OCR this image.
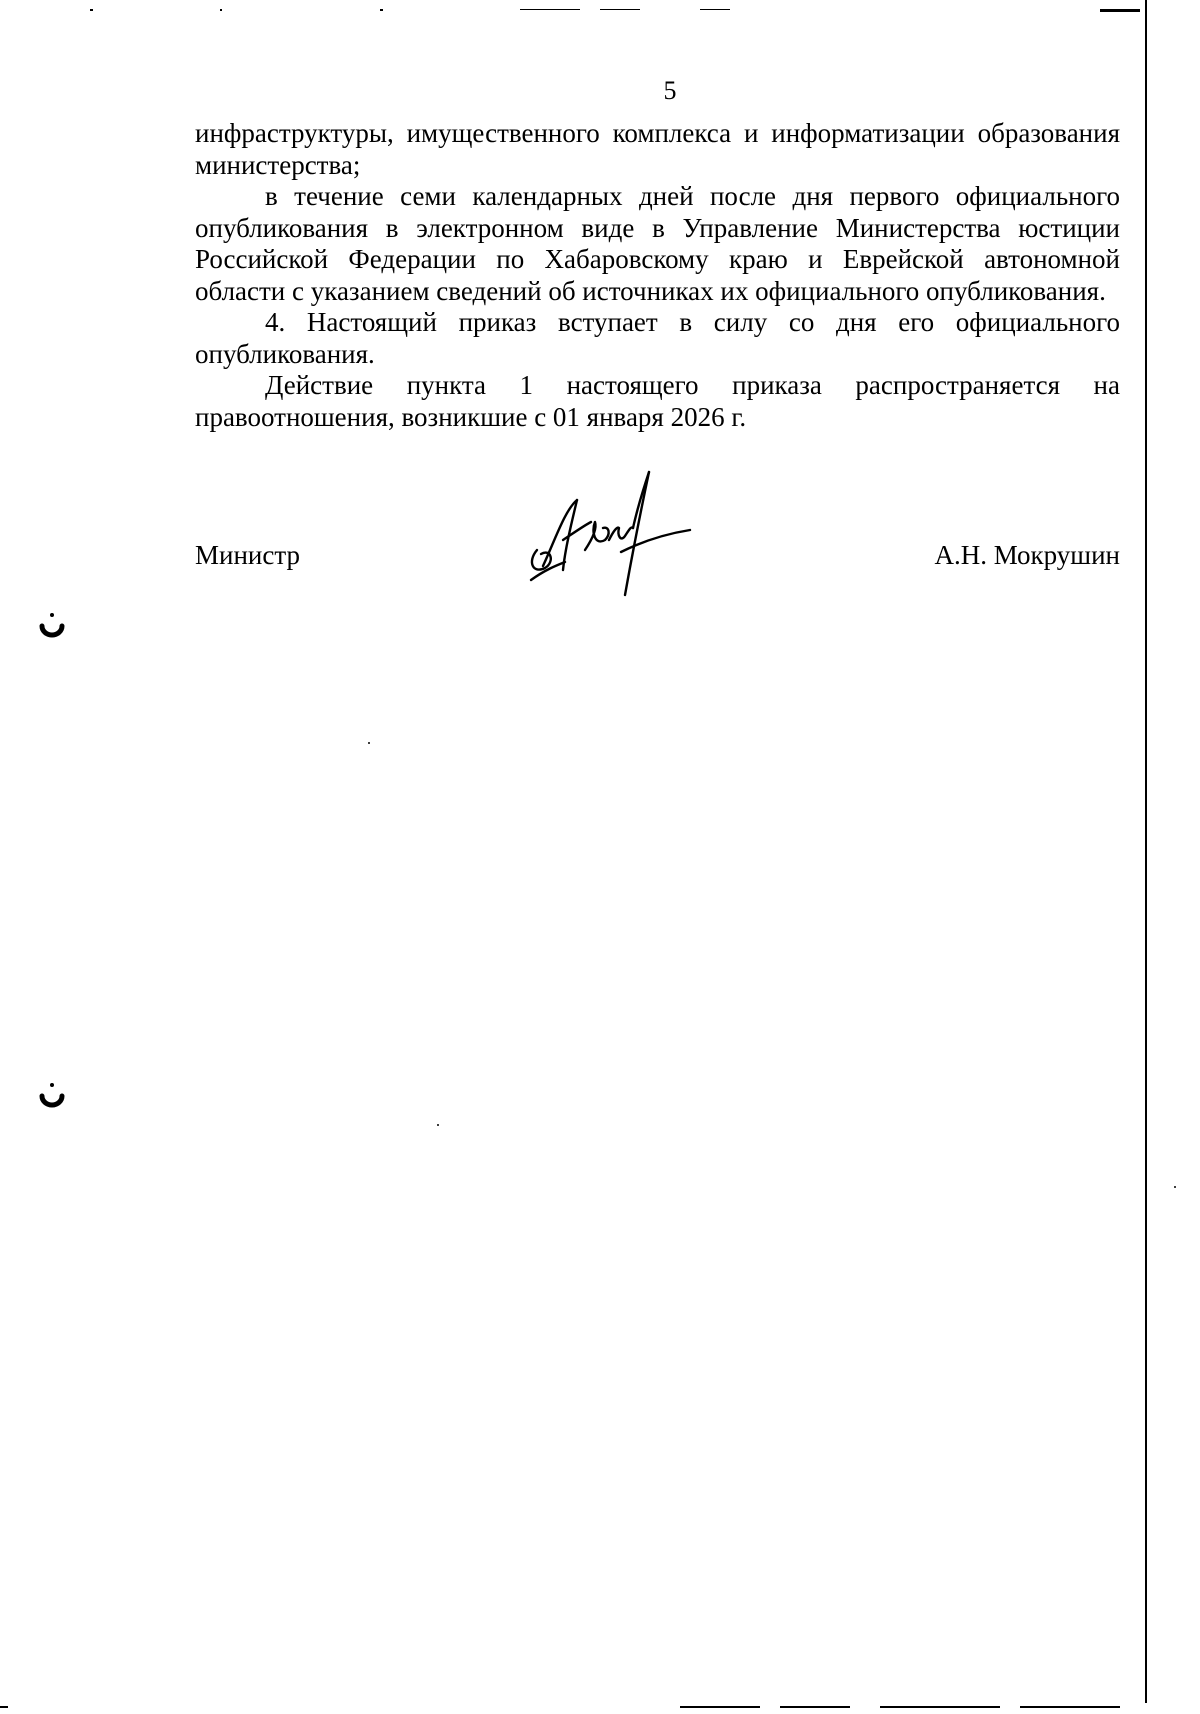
5

инфраструктуры, имущественного комплекса и информатизации образования министерства;

в течение семи календарных дней после дня первого официального опубликования в электронном виде в Управление Министерства юстиции Российской Федерации по Хабаровскому краю и Еврейской автономной области с указанием сведений об источниках их официального опубликования.

4. Настоящий приказ вступает в силу со дня его официального опубликования.

Действие пункта 1 настоящего приказа распространяется на правоотношения, возникшие с 01 января 2026 г.

Министр	А.Н. Мокрушин
